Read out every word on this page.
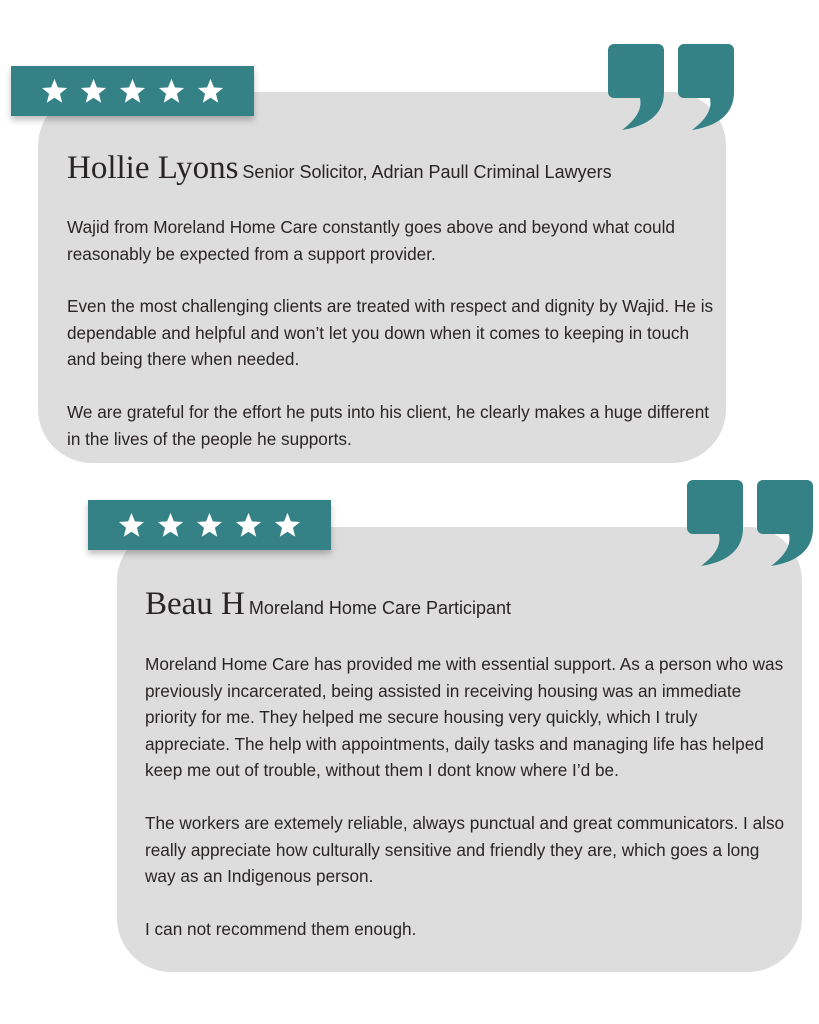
Hollie Lyons Senior Solicitor, Adrian Paull Criminal Lawyers

Wajid from Moreland Home Care constantly goes above and beyond what could reasonably be expected from a support provider.

Even the most challenging clients are treated with respect and dignity by Wajid. He is dependable and helpful and won’t let you down when it comes to keeping in touch and being there when needed.

We are grateful for the effort he puts into his client, he clearly makes a huge different in the lives of the people he supports.

Beau H Moreland Home Care Participant

Moreland Home Care has provided me with essential support. As a person who was previously incarcerated, being assisted in receiving housing was an immediate priority for me. They helped me secure housing very quickly, which I truly appreciate. The help with appointments, daily tasks and managing life has helped keep me out of trouble, without them I dont know where I’d be.

The workers are extemely reliable, always punctual and great communicators. I also really appreciate how culturally sensitive and friendly they are, which goes a long way as an Indigenous person.

I can not recommend them enough.
